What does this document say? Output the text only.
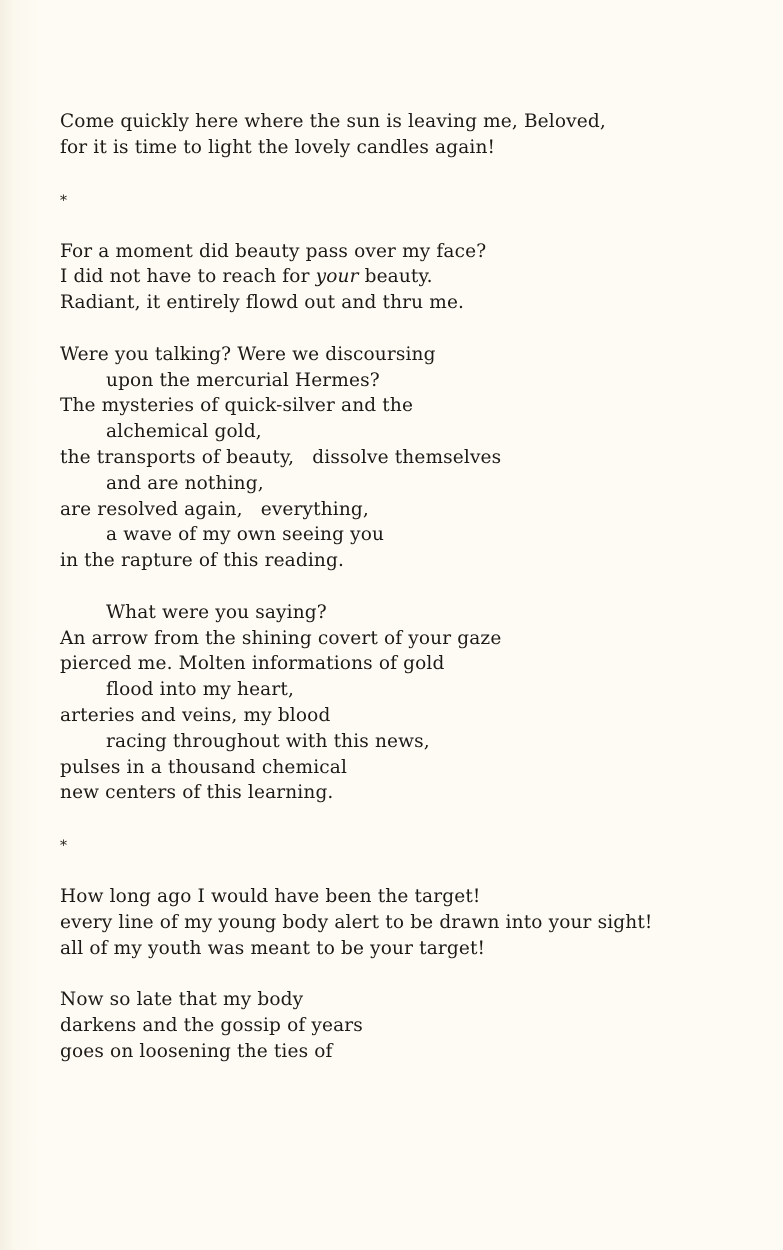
Come quickly here where the sun is leaving me, Beloved,
for it is time to light the lovely candles again!
*
For a moment did beauty pass over my face?
I did not have to reach for your beauty.
Radiant, it entirely flowd out and thru me.
Were you talking? Were we discoursing
upon the mercurial Hermes?
The mysteries of quick-silver and the
alchemical gold,
the transports of beauty,   dissolve themselves
and are nothing,
are resolved again,   everything,
a wave of my own seeing you
in the rapture of this reading.
What were you saying?
An arrow from the shining covert of your gaze
pierced me. Molten informations of gold
flood into my heart,
arteries and veins, my blood
racing throughout with this news,
pulses in a thousand chemical
new centers of this learning.
*
How long ago I would have been the target!
every line of my young body alert to be drawn into your sight!
all of my youth was meant to be your target!
Now so late that my body
darkens and the gossip of years
goes on loosening the ties of
